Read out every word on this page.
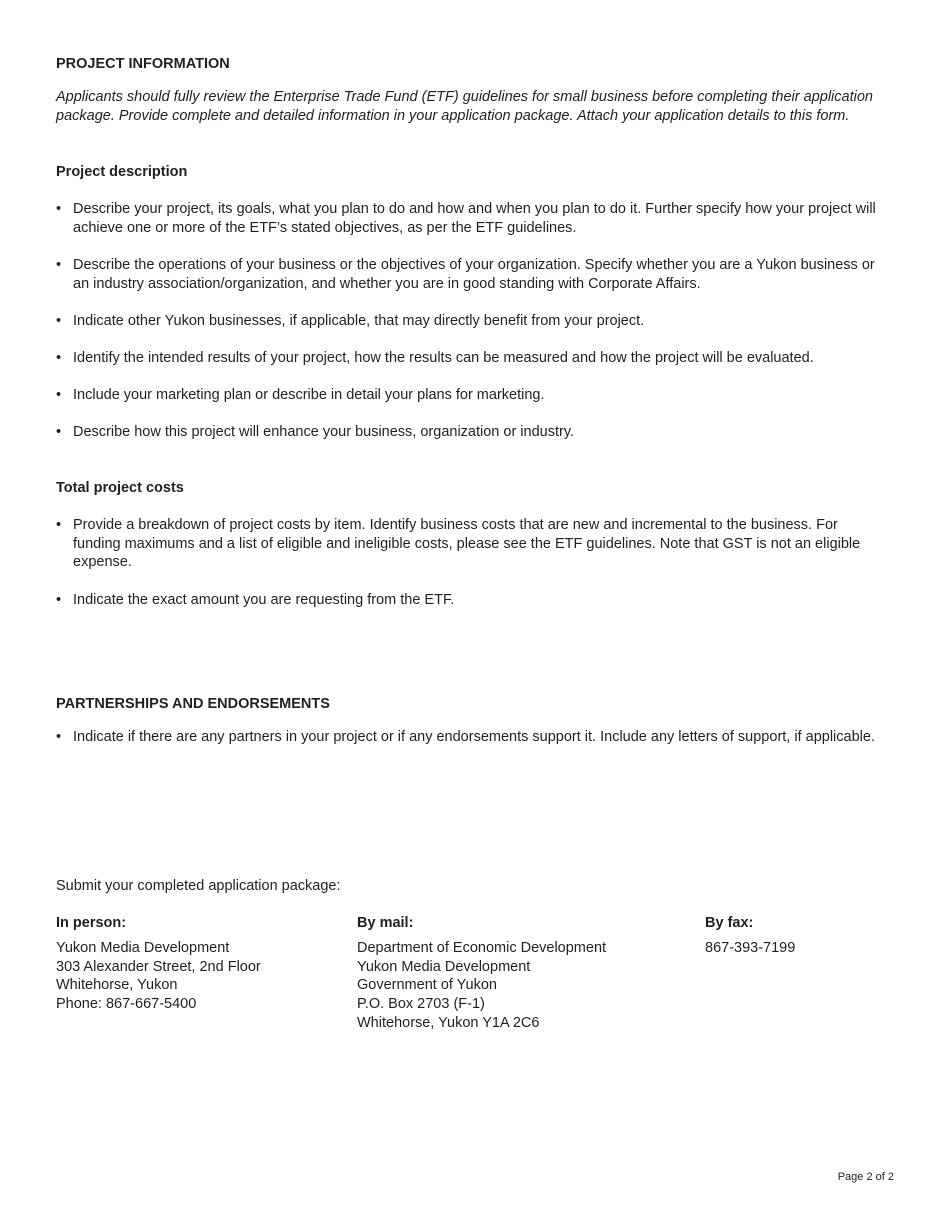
PROJECT INFORMATION
Applicants should fully review the Enterprise Trade Fund (ETF) guidelines for small business before completing their application package. Provide complete and detailed information in your application package. Attach your application details to this form.
Project description
• Describe your project, its goals, what you plan to do and how and when you plan to do it. Further specify how your project will achieve one or more of the ETF’s stated objectives, as per the ETF guidelines.
• Describe the operations of your business or the objectives of your organization. Specify whether you are a Yukon business or an industry association/organization, and whether you are in good standing with Corporate Affairs.
• Indicate other Yukon businesses, if applicable, that may directly benefit from your project.
• Identify the intended results of your project, how the results can be measured and how the project will be evaluated.
• Include your marketing plan or describe in detail your plans for marketing.
• Describe how this project will enhance your business, organization or industry.
Total project costs
• Provide a breakdown of project costs by item. Identify business costs that are new and incremental to the business. For funding maximums and a list of eligible and ineligible costs, please see the ETF guidelines. Note that GST is not an eligible expense.
• Indicate the exact amount you are requesting from the ETF.
PARTNERSHIPS AND ENDORSEMENTS
• Indicate if there are any partners in your project or if any endorsements support it. Include any letters of support, if applicable.
Submit your completed application package:
In person:
Yukon Media Development
303 Alexander Street, 2nd Floor
Whitehorse, Yukon
Phone: 867-667-5400
By mail:
Department of Economic Development
Yukon Media Development
Government of Yukon
P.O. Box 2703 (F-1)
Whitehorse, Yukon Y1A 2C6
By fax:
867-393-7199
Page 2 of 2
